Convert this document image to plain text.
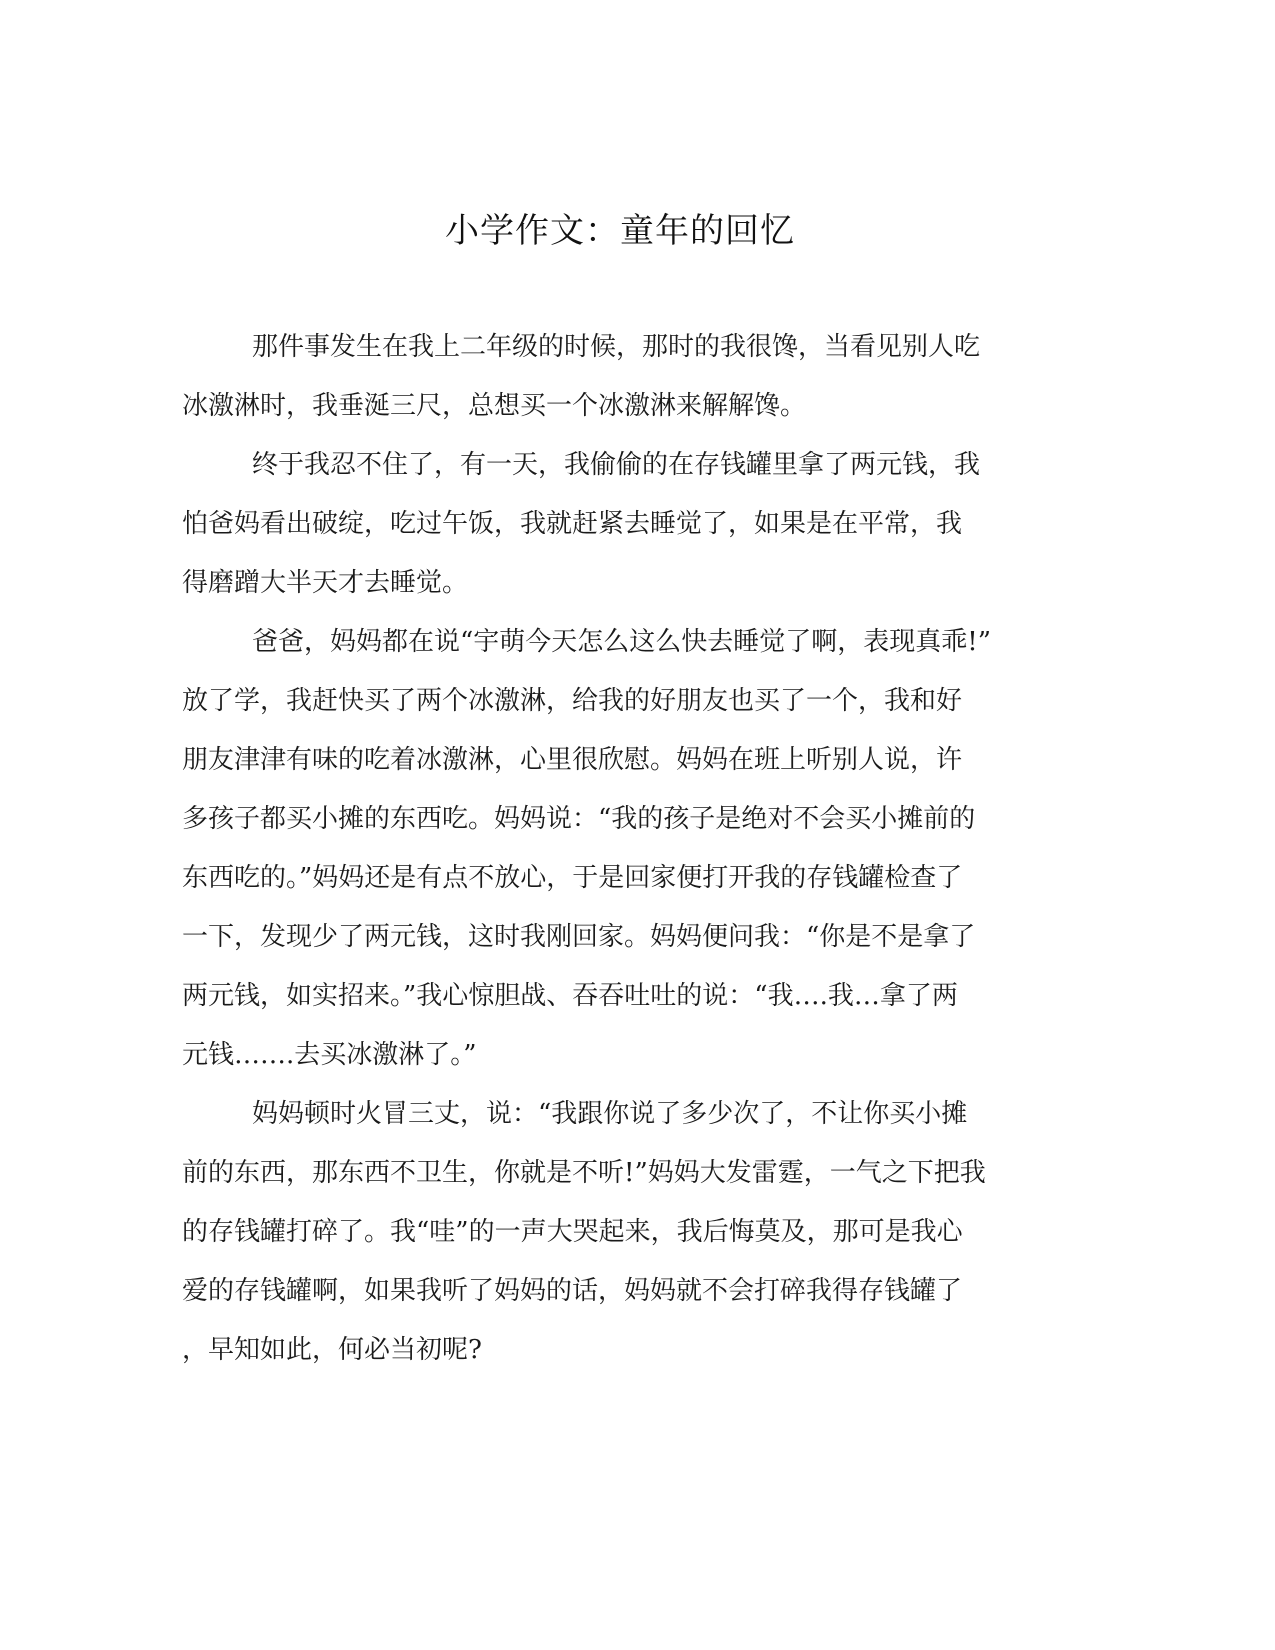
小学作文：童年的回忆
那件事发生在我上二年级的时候，那时的我很馋，当看见别人吃
冰激淋时，我垂涎三尺，总想买一个冰激淋来解解馋。
终于我忍不住了，有一天，我偷偷的在存钱罐里拿了两元钱，我
怕爸妈看出破绽，吃过午饭，我就赶紧去睡觉了，如果是在平常，我
得磨蹭大半天才去睡觉。
爸爸，妈妈都在说“宇萌今天怎么这么快去睡觉了啊，表现真乖!”
放了学，我赶快买了两个冰激淋，给我的好朋友也买了一个，我和好
朋友津津有味的吃着冰激淋，心里很欣慰。妈妈在班上听别人说，许
多孩子都买小摊的东西吃。妈妈说：“我的孩子是绝对不会买小摊前的
东西吃的。”妈妈还是有点不放心，于是回家便打开我的存钱罐检查了
一下，发现少了两元钱，这时我刚回家。妈妈便问我：“你是不是拿了
两元钱，如实招来。”我心惊胆战、吞吞吐吐的说：“我….我…拿了两
元钱…….去买冰激淋了。”
妈妈顿时火冒三丈，说：“我跟你说了多少次了，不让你买小摊
前的东西，那东西不卫生，你就是不听!”妈妈大发雷霆，一气之下把我
的存钱罐打碎了。我“哇”的一声大哭起来，我后悔莫及，那可是我心
爱的存钱罐啊，如果我听了妈妈的话，妈妈就不会打碎我得存钱罐了
，早知如此，何必当初呢?
